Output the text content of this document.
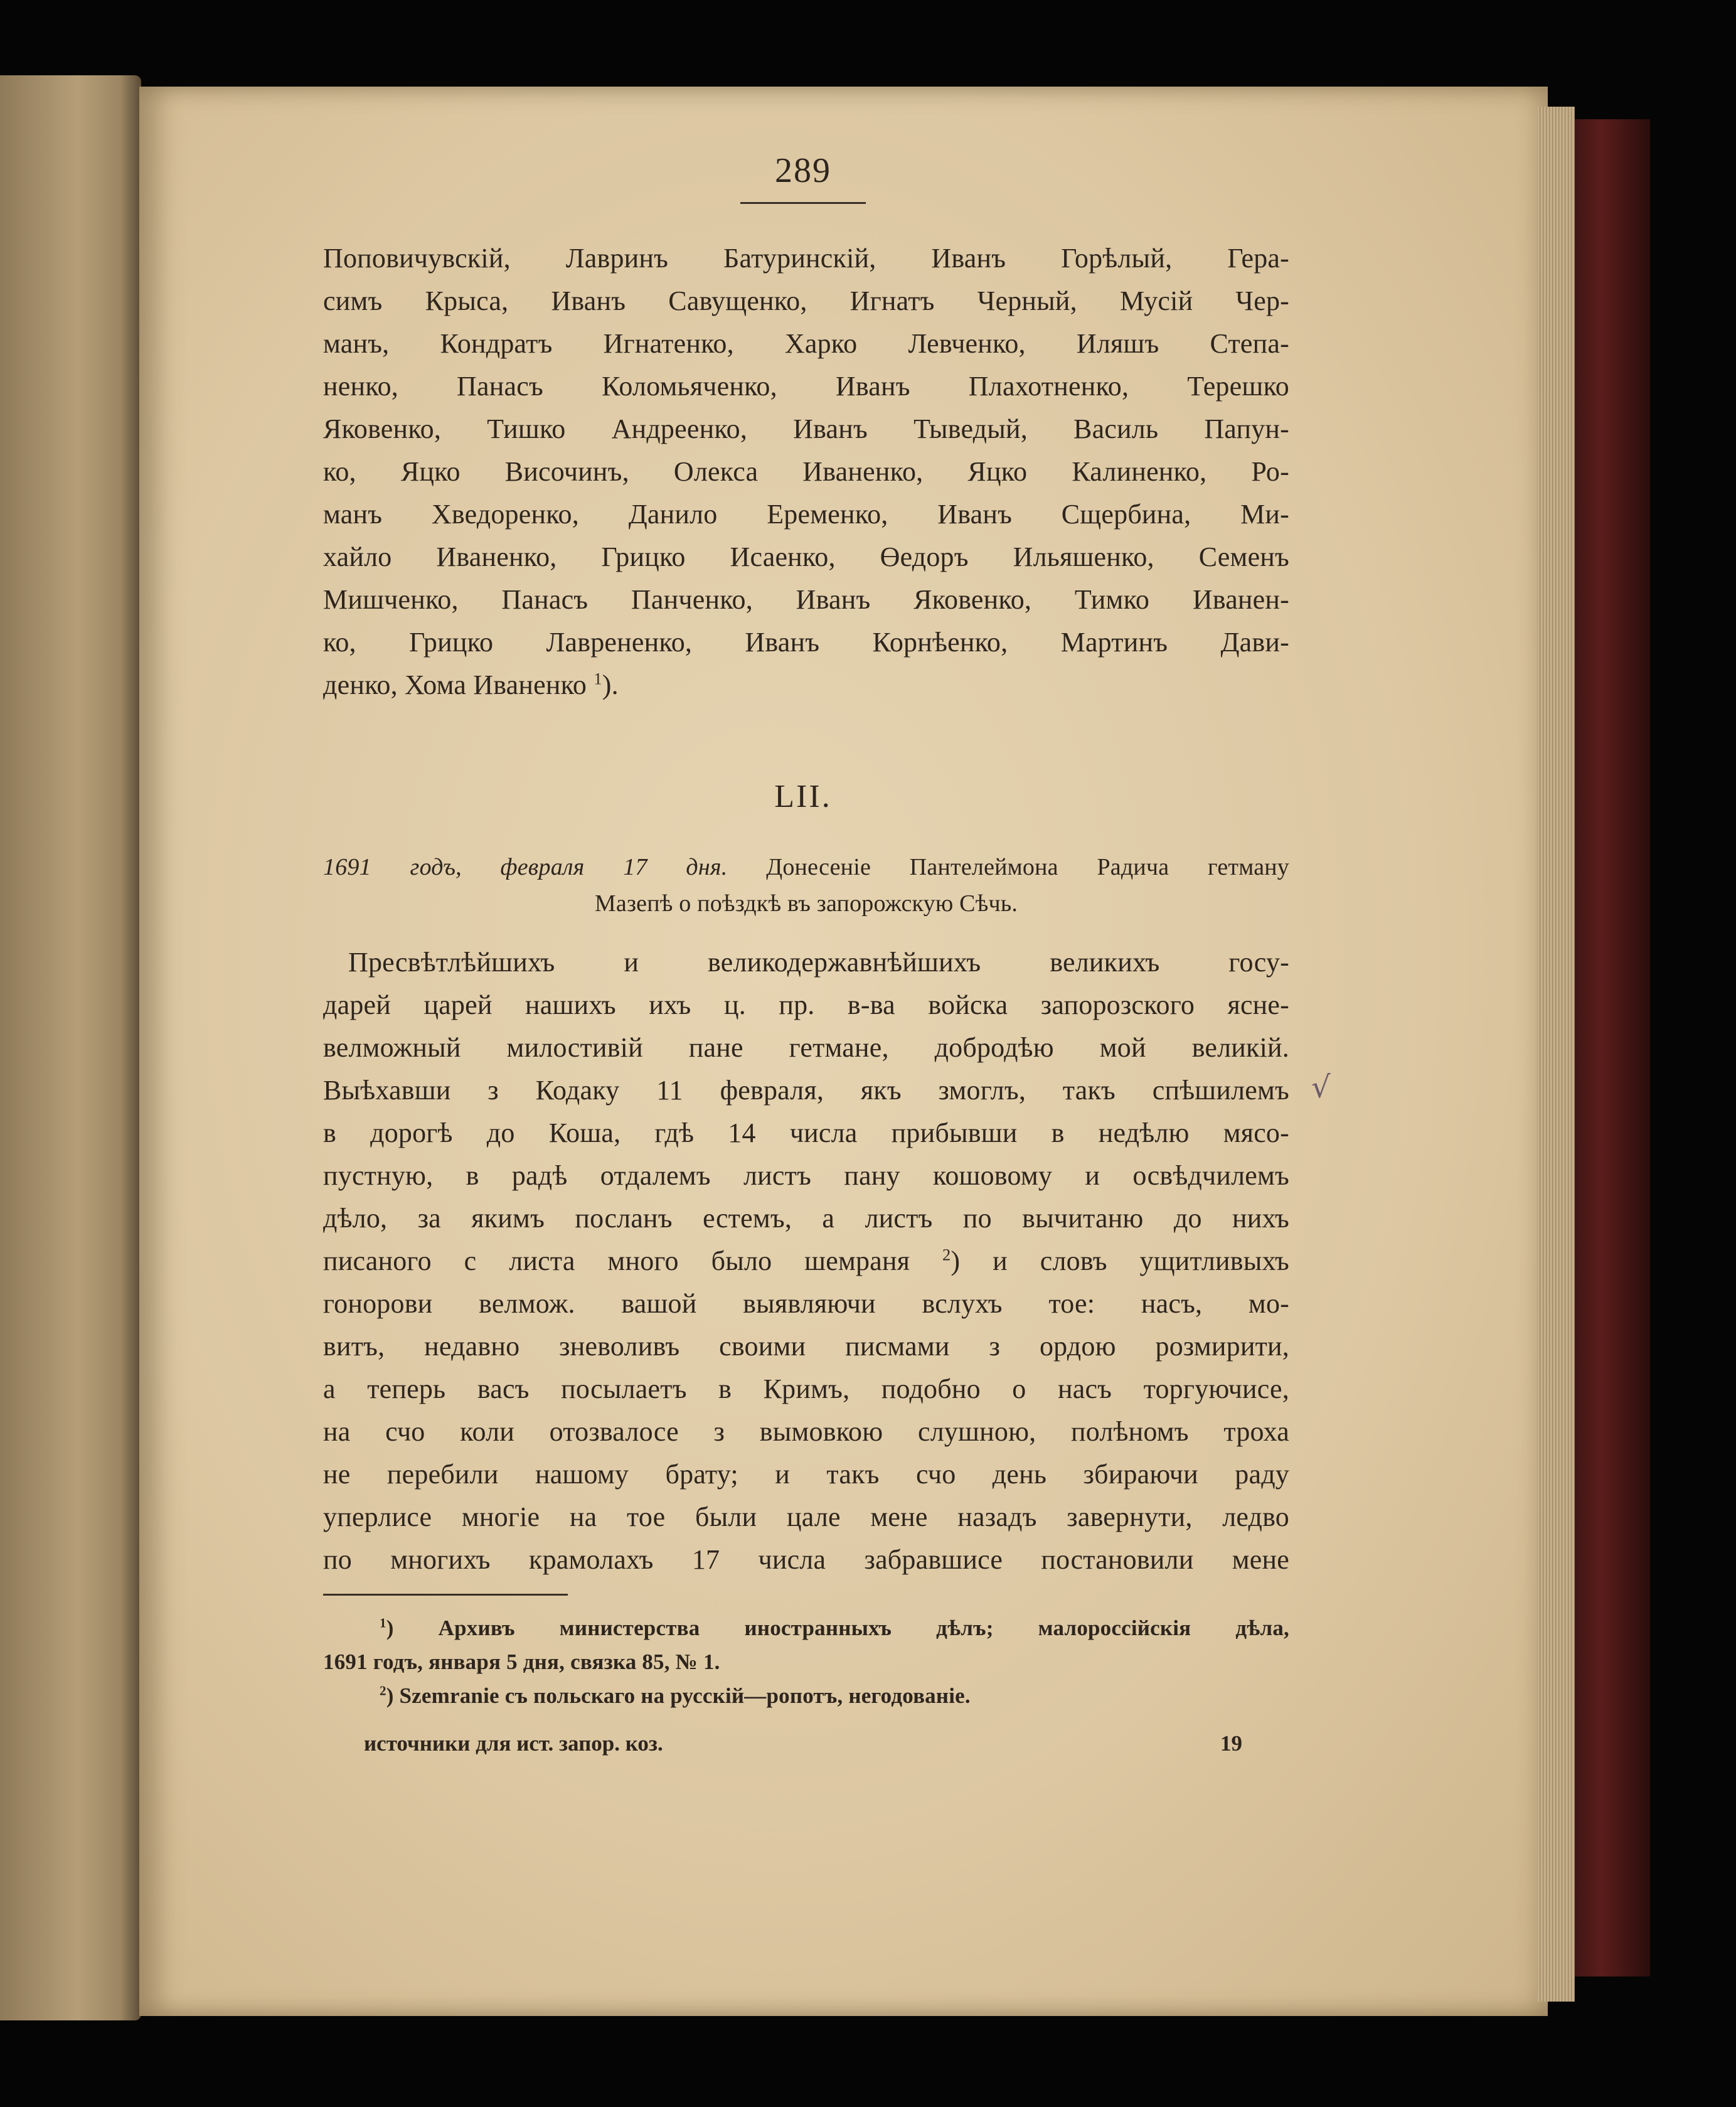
289
Поповичувскій, Лавринъ Батуринскій, Иванъ Горѣлый, Гера-
симъ Крыса, Иванъ Савущенко, Игнатъ Черный, Мусій Чер-
манъ, Кондратъ Игнатенко, Харко Левченко, Иляшъ Степа-
ненко, Панасъ Коломьяченко, Иванъ Плахотненко, Терешко
Яковенко, Тишко Андреенко, Иванъ Тыведый, Василь Папун-
ко, Яцко Височинъ, Олекса Иваненко, Яцко Калиненко, Ро-
манъ Хведоренко, Данило Еременко, Иванъ Сщербина, Ми-
хайло Иваненко, Грицко Исаенко, Өедоръ Ильяшенко, Семенъ
Мишченко, Панасъ Панченко, Иванъ Яковенко, Тимко Иванен-
ко, Грицко Лаврененко, Иванъ Корнѣенко, Мартинъ Дави-
денко, Хома Иваненко $^1$).
LII.
1691 годъ, февраля 17 дня. Донесеніе Пантелеймона Радича гетману
Мазепѣ о поѣздкѣ въ запорожскую Сѣчь.
Пресвѣтлѣйшихъ и великодержавнѣйшихъ великихъ госу-
дарей царей нашихъ ихъ ц. пр. в-ва войска запорозского ясне-
велможный милостивій пане гетмане, добродѣю мой великій.
Выѣхавши з Кодаку 11 февраля, якъ змоглъ, такъ спѣшилемъ
в дорогѣ до Коша, гдѣ 14 числа прибывши в недѣлю мясо-
пустную, в радѣ отдалемъ листъ пану кошовому и освѣдчилемъ
дѣло, за якимъ посланъ естемъ, а листъ по вычитаню до нихъ
писаного с листа много было шемраня $^2$) и словъ ущитливыхъ
гонорови велмож. вашой выявляючи вслухъ тое: насъ, мо-
витъ, недавно зневоливъ своими писмами з ордою розмирити,
а теперь васъ посылаетъ в Кримъ, подобно о насъ торгуючисе,
на счо коли отозвалосе з вымовкою слушною, полѣномъ троха
не перебили нашому брату; и такъ счо день збираючи раду
уперлисе многіе на тое были цале мене назадъ завернути, ледво
по многихъ крамолахъ 17 числа забравшисе постановили мене
√
$^1$) Архивъ министерства иностранныхъ дѣлъ; малороссійскія дѣла,
1691 годъ, января 5 дня, связка 85, № 1.
$^2$) Szemranie съ польскаго на русскій—ропотъ, негодованіе.
источники для ист. запор. коз.	19
